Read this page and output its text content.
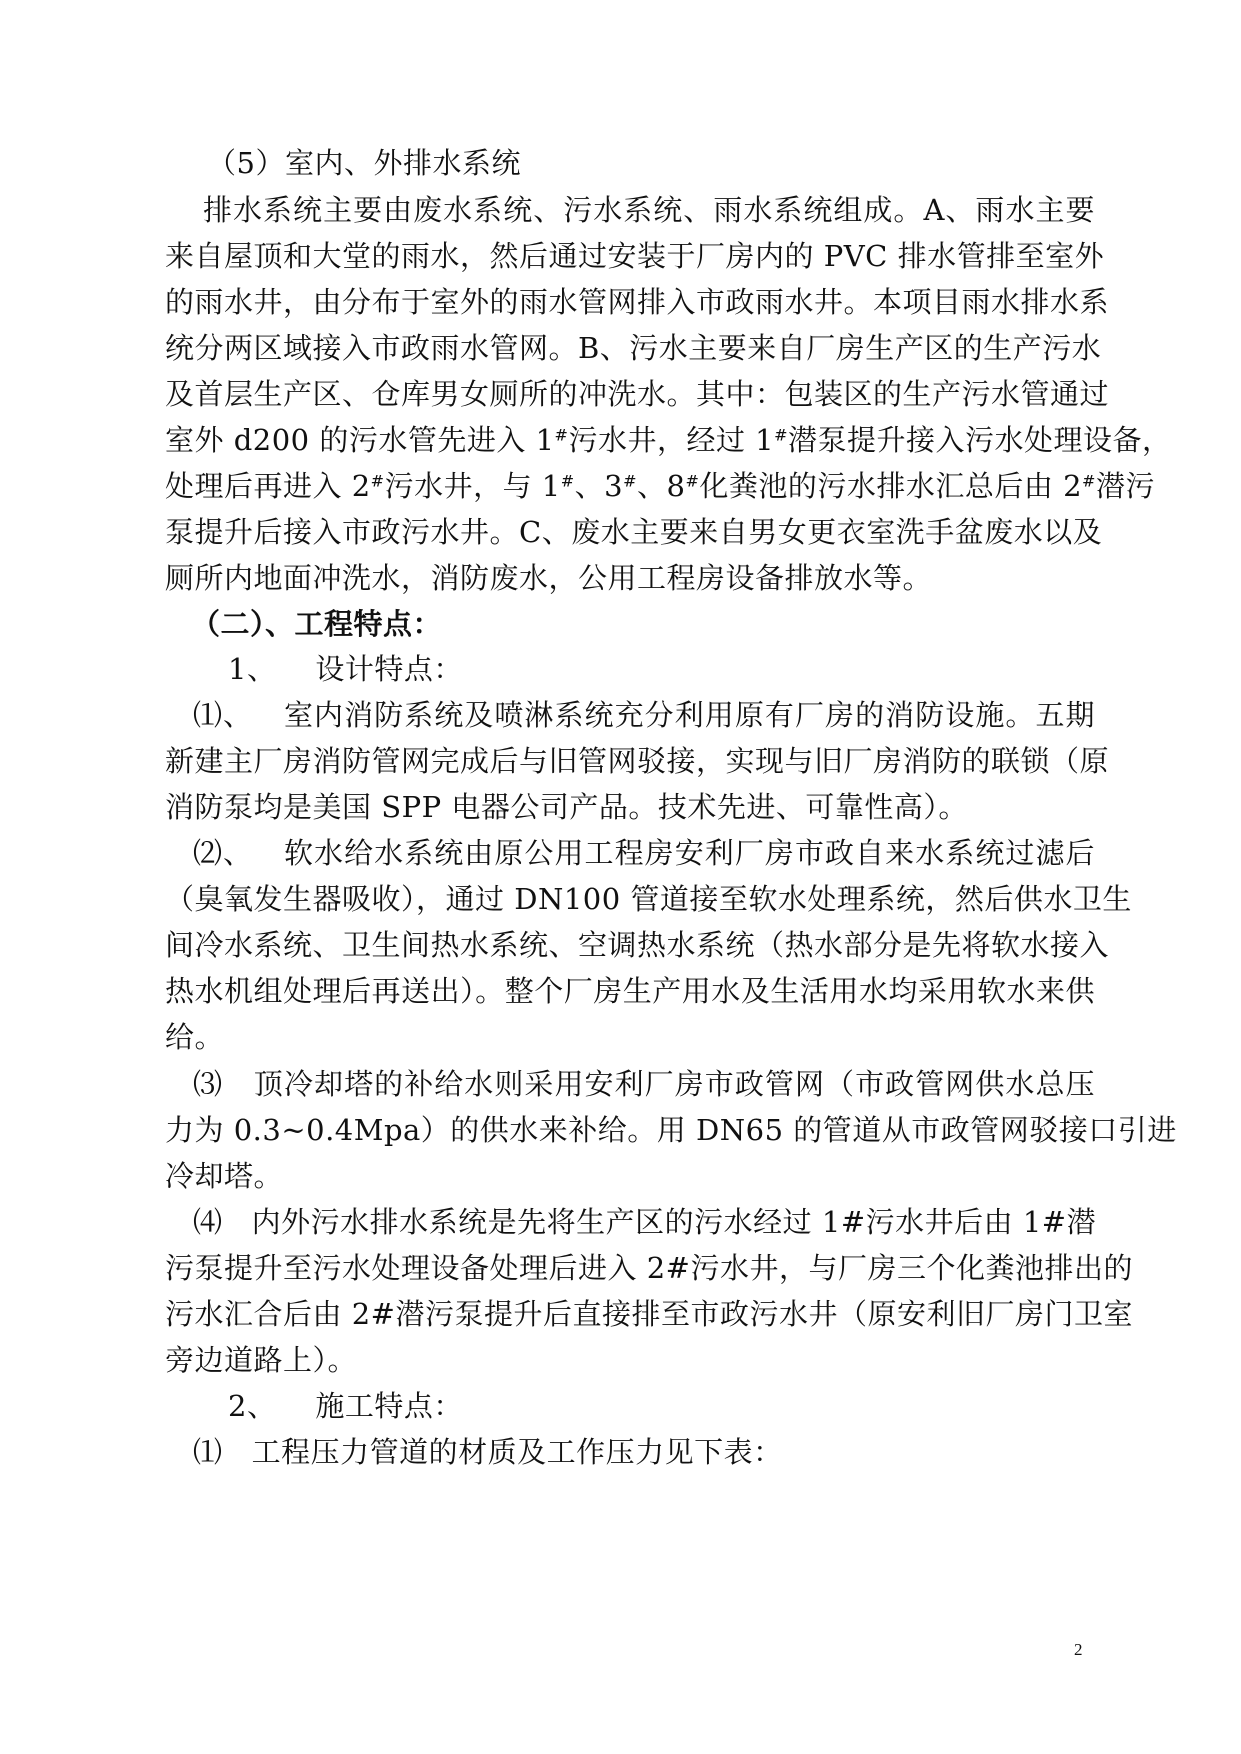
（5）室内、外排水系统
排水系统主要由废水系统、污水系统、雨水系统组成。A、雨水主要
来自屋顶和大堂的雨水，然后通过安装于厂房内的 PVC 排水管排至室外
的雨水井，由分布于室外的雨水管网排入市政雨水井。本项目雨水排水系
统分两区域接入市政雨水管网。B、污水主要来自厂房生产区的生产污水
及首层生产区、仓库男女厕所的冲洗水。其中：包装区的生产污水管通过
室外 d200 的污水管先进入 1#污水井，经过 1#潜泵提升接入污水处理设备，
处理后再进入 2#污水井，与 1#、3#、8#化粪池的污水排水汇总后由 2#潜污
泵提升后接入市政污水井。C、废水主要来自男女更衣室洗手盆废水以及
厕所内地面冲洗水，消防废水，公用工程房设备排放水等。
（二）、工程特点：
1、    设计特点：
⑴、   室内消防系统及喷淋系统充分利用原有厂房的消防设施。五期
新建主厂房消防管网完成后与旧管网驳接，实现与旧厂房消防的联锁（原
消防泵均是美国 SPP 电器公司产品。技术先进、可靠性高）。
⑵、   软水给水系统由原公用工程房安利厂房市政自来水系统过滤后
（臭氧发生器吸收），通过 DN100 管道接至软水处理系统，然后供水卫生
间冷水系统、卫生间热水系统、空调热水系统（热水部分是先将软水接入
热水机组处理后再送出）。整个厂房生产用水及生活用水均采用软水来供
给。
⑶   顶冷却塔的补给水则采用安利厂房市政管网（市政管网供水总压
力为 0.3~0.4Mpa）的供水来补给。用 DN65 的管道从市政管网驳接口引进
冷却塔。
⑷   内外污水排水系统是先将生产区的污水经过 1#污水井后由 1#潜
污泵提升至污水处理设备处理后进入 2#污水井，与厂房三个化粪池排出的
污水汇合后由 2#潜污泵提升后直接排至市政污水井（原安利旧厂房门卫室
旁边道路上）。
2、    施工特点：
⑴   工程压力管道的材质及工作压力见下表：
2
